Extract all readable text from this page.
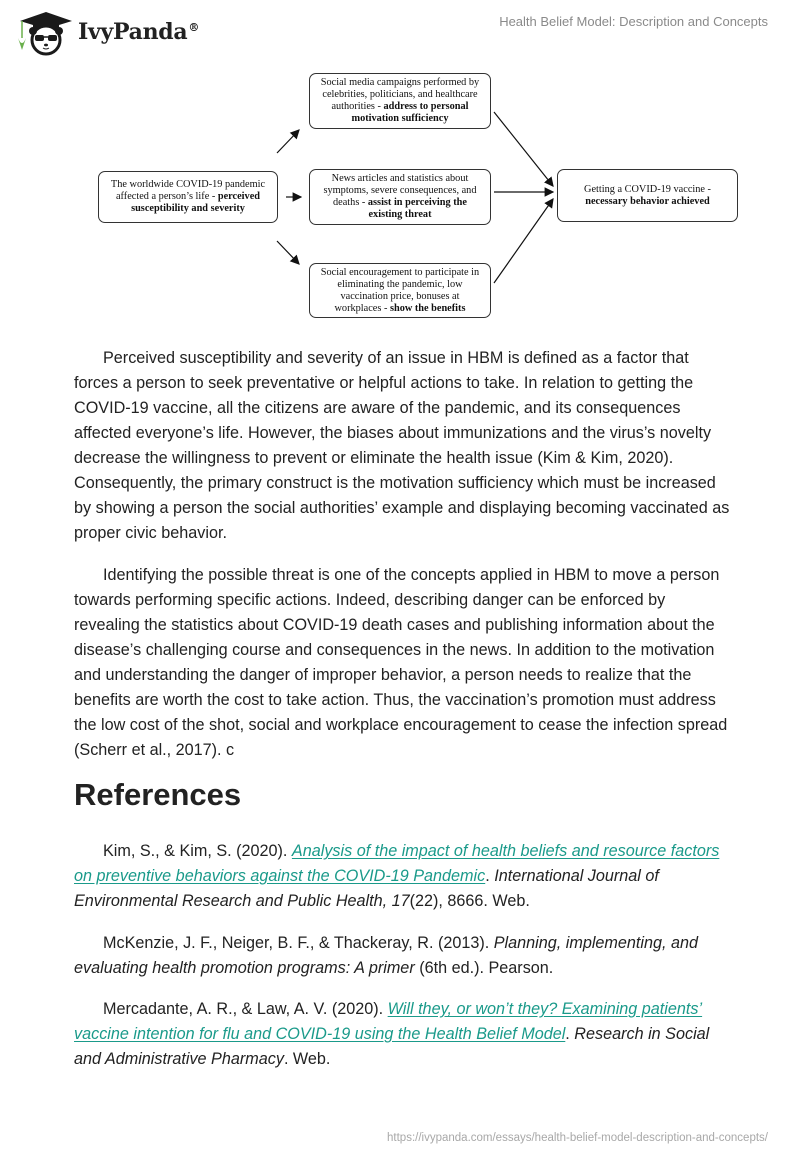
IvyPanda®	Health Belief Model: Description and Concepts
The worldwide COVID-19 pandemic affected a person’s life - perceived susceptibility and severity
Social media campaigns performed by celebrities, politicians, and healthcare authorities - address to personal motivation sufficiency
News articles and statistics about symptoms, severe consequences, and deaths - assist in perceiving the existing threat
Social encouragement to participate in eliminating the pandemic, low vaccination price, bonuses at workplaces - show the benefits
Getting a COVID-19 vaccine -
necessary behavior achieved

Perceived susceptibility and severity of an issue in HBM is defined as a factor that forces a person to seek preventative or helpful actions to take. In relation to getting the COVID-19 vaccine, all the citizens are aware of the pandemic, and its consequences affected everyone’s life. However, the biases about immunizations and the virus’s novelty decrease the willingness to prevent or eliminate the health issue (Kim & Kim, 2020). Consequently, the primary construct is the motivation sufficiency which must be increased by showing a person the social authorities’ example and displaying becoming vaccinated as proper civic behavior.

Identifying the possible threat is one of the concepts applied in HBM to move a person towards performing specific actions. Indeed, describing danger can be enforced by revealing the statistics about COVID-19 death cases and publishing information about the disease’s challenging course and consequences in the news. In addition to the motivation and understanding the danger of improper behavior, a person needs to realize that the benefits are worth the cost to take action. Thus, the vaccination’s promotion must address the low cost of the shot, social and workplace encouragement to cease the infection spread (Scherr et al., 2017). c

References

Kim, S., & Kim, S. (2020). Analysis of the impact of health beliefs and resource factors on preventive behaviors against the COVID-19 Pandemic. International Journal of Environmental Research and Public Health, 17(22), 8666. Web.

McKenzie, J. F., Neiger, B. F., & Thackeray, R. (2013). Planning, implementing, and evaluating health promotion programs: A primer (6th ed.). Pearson.

Mercadante, A. R., & Law, A. V. (2020). Will they, or won’t they? Examining patients’ vaccine intention for flu and COVID-19 using the Health Belief Model. Research in Social and Administrative Pharmacy. Web.

https://ivypanda.com/essays/health-belief-model-description-and-concepts/
